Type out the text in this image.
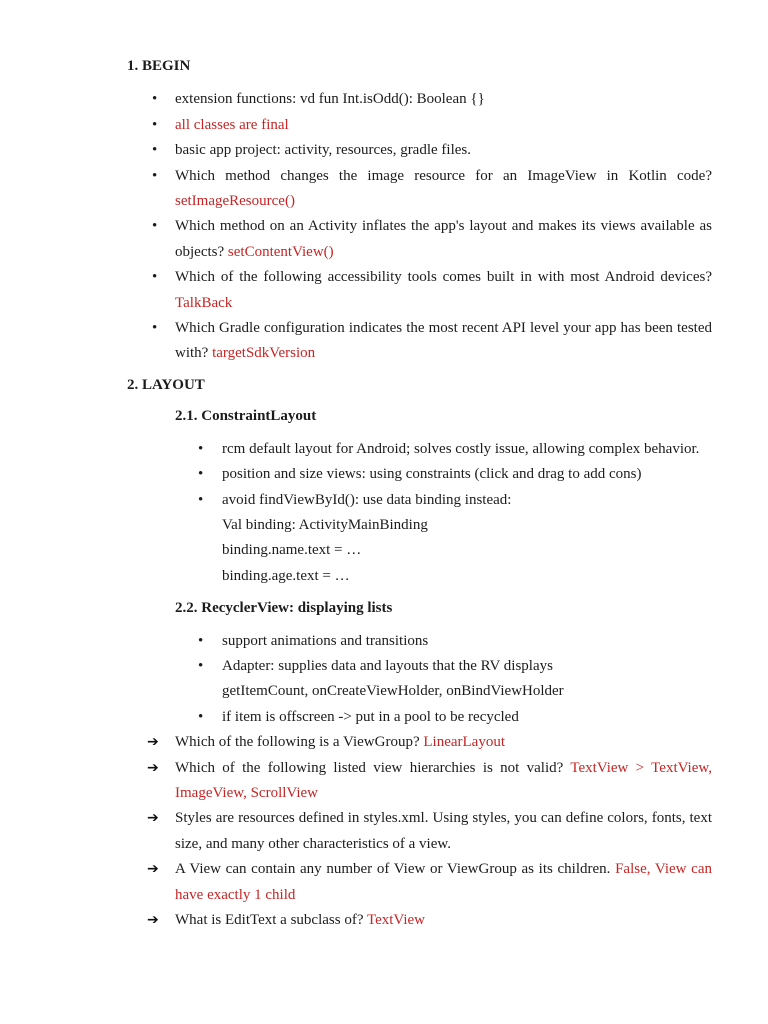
1. BEGIN
• extension functions: vd fun Int.isOdd(): Boolean {}
• all classes are final
• basic app project: activity, resources, gradle files.
• Which method changes the image resource for an ImageView in Kotlin code? setImageResource()
• Which method on an Activity inflates the app's layout and makes its views available as objects? setContentView()
• Which of the following accessibility tools comes built in with most Android devices? TalkBack
• Which Gradle configuration indicates the most recent API level your app has been tested with? targetSdkVersion
2. LAYOUT
2.1. ConstraintLayout
• rcm default layout for Android; solves costly issue, allowing complex behavior.
• position and size views: using constraints (click and drag to add cons)
• avoid findViewById(): use data binding instead:
Val binding: ActivityMainBinding
binding.name.text = …
binding.age.text = …
2.2. RecyclerView: displaying lists
• support animations and transitions
• Adapter: supplies data and layouts that the RV displays
getItemCount, onCreateViewHolder, onBindViewHolder
• if item is offscreen -> put in a pool to be recycled
➔ Which of the following is a ViewGroup? LinearLayout
➔ Which of the following listed view hierarchies is not valid? TextView > TextView, ImageView, ScrollView
➔ Styles are resources defined in styles.xml. Using styles, you can define colors, fonts, text size, and many other characteristics of a view.
➔ A View can contain any number of View or ViewGroup as its children. False, View can have exactly 1 child
➔ What is EditText a subclass of? TextView
